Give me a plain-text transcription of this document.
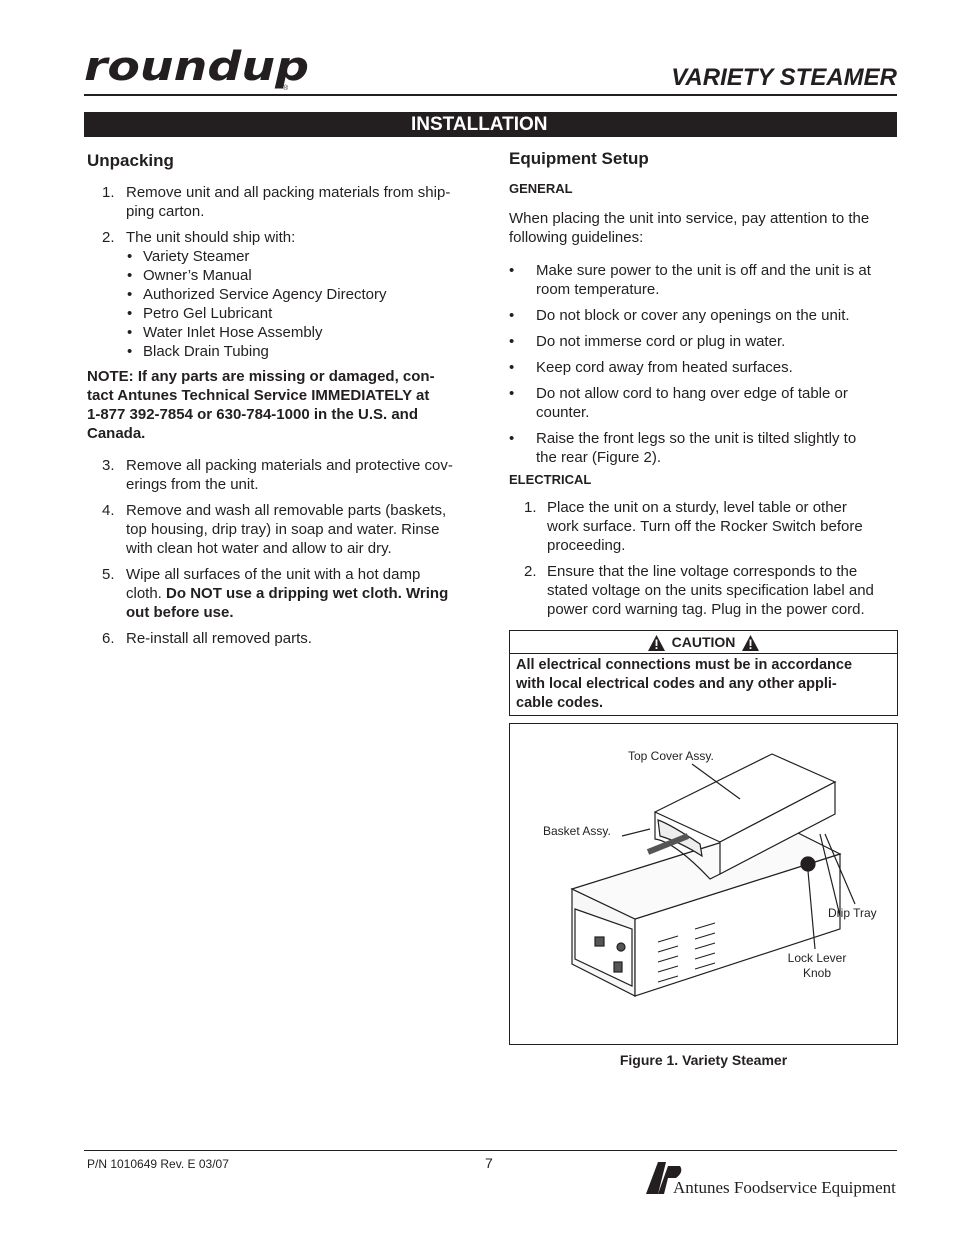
roundup
®	VARIETY STEAMER
INSTALLATION
Unpacking
1. Remove unit and all packing materials from ship-
ping carton.
2. The unit should ship with:
• Variety Steamer
• Owner’s Manual
• Authorized Service Agency Directory
• Petro Gel Lubricant
• Water Inlet Hose Assembly
• Black Drain Tubing
NOTE: If any parts are missing or damaged, con-
tact Antunes Technical Service IMMEDIATELY at
1-877 392-7854 or 630-784-1000 in the U.S. and
Canada.
3. Remove all packing materials and protective cov-
erings from the unit.
4. Remove and wash all removable parts (baskets,
top housing, drip tray) in soap and water. Rinse
with clean hot water and allow to air dry.
5. Wipe all surfaces of the unit with a hot damp
cloth. Do NOT use a dripping wet cloth. Wring
out before use.
6. Re-install all removed parts.
Equipment Setup
GENERAL
When placing the unit into service, pay attention to the
following guidelines:
• Make sure power to the unit is off and the unit is at
room temperature.
• Do not block or cover any openings on the unit.
• Do not immerse cord or plug in water.
• Keep cord away from heated surfaces.
• Do not allow cord to hang over edge of table or
counter.
• Raise the front legs so the unit is tilted slightly to
the rear (Figure 2).
ELECTRICAL
1. Place the unit on a sturdy, level table or other
work surface. Turn off the Rocker Switch before
proceeding.
2. Ensure that the line voltage corresponds to the
stated voltage on the units specification label and
power cord warning tag. Plug in the power cord.
CAUTION
All electrical connections must be in accordance
with local electrical codes and any other appli-
cable codes.
Top Cover Assy.
Basket Assy.
Drip Tray
Lock Lever
Knob
Figure 1. Variety Steamer
P/N 1010649 Rev. E 03/07	7
Antunes Foodservice Equipment
